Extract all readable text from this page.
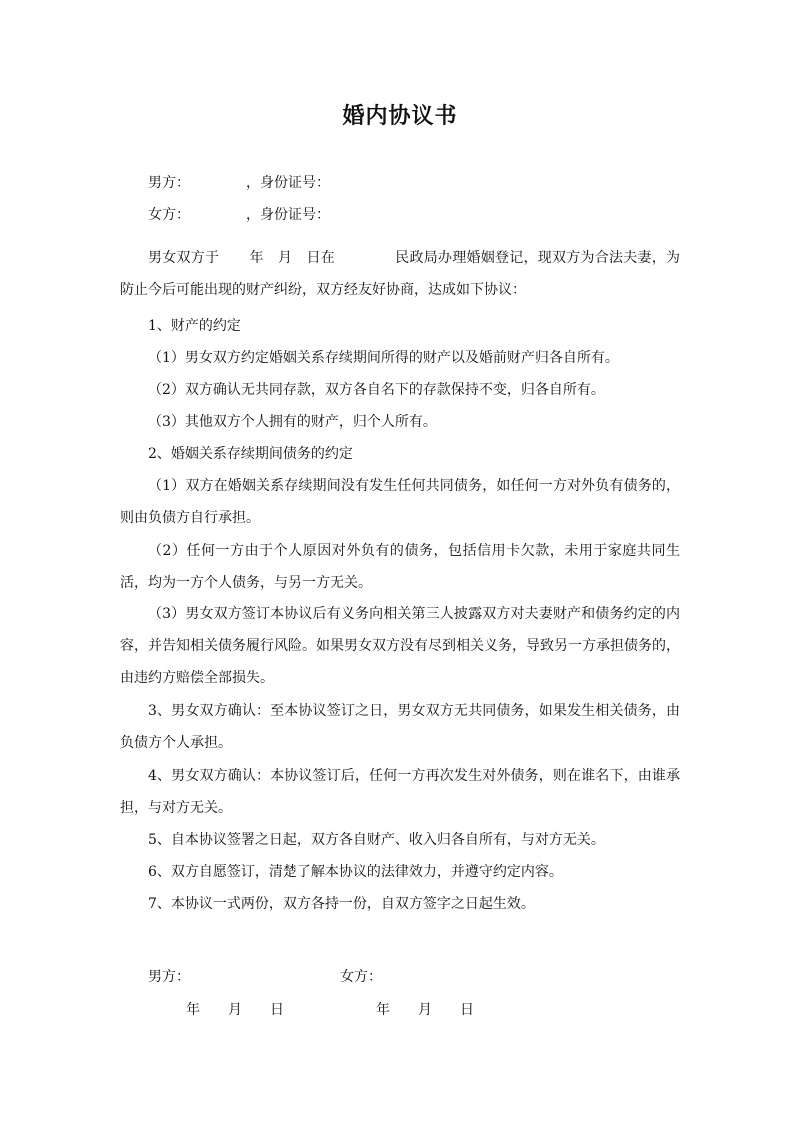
婚内协议书
男方：	，身份证号：
女方：	，身份证号：
男女双方于 年 月 日在	民政局办理婚姻登记，现双方为合法夫妻，为防止今后可能出现的财产纠纷，双方经友好协商，达成如下协议：
1、财产的约定
（1）男女双方约定婚姻关系存续期间所得的财产以及婚前财产归各自所有。
（2）双方确认无共同存款，双方各自名下的存款保持不变，归各自所有。
（3）其他双方个人拥有的财产，归个人所有。
2、婚姻关系存续期间债务的约定
（1）双方在婚姻关系存续期间没有发生任何共同债务，如任何一方对外负有债务的，则由负债方自行承担。
（2）任何一方由于个人原因对外负有的债务，包括信用卡欠款，未用于家庭共同生活，均为一方个人债务，与另一方无关。
（3）男女双方签订本协议后有义务向相关第三人披露双方对夫妻财产和债务约定的内容，并告知相关债务履行风险。如果男女双方没有尽到相关义务，导致另一方承担债务的，由违约方赔偿全部损失。
3、男女双方确认：至本协议签订之日，男女双方无共同债务，如果发生相关债务，由负债方个人承担。
4、男女双方确认：本协议签订后，任何一方再次发生对外债务，则在谁名下，由谁承担，与对方无关。
5、自本协议签署之日起，双方各自财产、收入归各自所有，与对方无关。
6、双方自愿签订，清楚了解本协议的法律效力，并遵守约定内容。
7、本协议一式两份，双方各持一份，自双方签字之日起生效。
男方：	女方：
年 月 日	年 月 日
